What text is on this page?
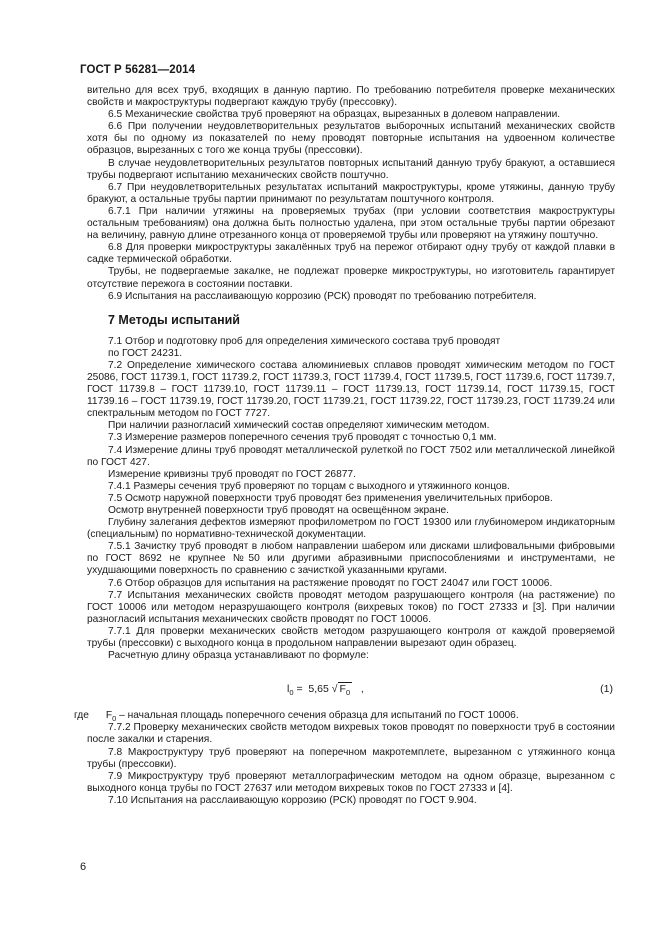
ГОСТ Р 56281—2014

вительно для всех труб, входящих в данную партию. По требованию потребителя проверке механических свойств и макроструктуры подвергают каждую трубу (прессовку).

6.5 Механические свойства труб проверяют на образцах, вырезанных в долевом направлении.

6.6 При получении неудовлетворительных результатов выборочных испытаний механических свойств хотя бы по одному из показателей по нему проводят повторные испытания на удвоенном количестве образцов, вырезанных с того же конца трубы (прессовки).

В случае неудовлетворительных результатов повторных испытаний данную трубу бракуют, а оставшиеся трубы подвергают испытанию механических свойств поштучно.

6.7 При неудовлетворительных результатах испытаний макроструктуры, кроме утяжины, данную трубу бракуют, а остальные трубы партии принимают по результатам поштучного контроля.

6.7.1 При наличии утяжины на проверяемых трубах (при условии соответствия макроструктуры остальным требованиям) она должна быть полностью удалена, при этом остальные трубы партии обрезают на величину, равную длине отрезанного конца от проверяемой трубы или проверяют на утяжину поштучно.

6.8 Для проверки микроструктуры закалённых труб на пережог отбирают одну трубу от каждой плавки в садке термической обработки.

Трубы, не подвергаемые закалке, не подлежат проверке микроструктуры, но изготовитель гарантирует отсутствие пережога в состоянии поставки.

6.9 Испытания на расслаивающую коррозию (РСК) проводят по требованию потребителя.

7 Методы испытаний

7.1 Отбор и подготовку проб для определения химического состава труб проводят

по ГОСТ 24231.

7.2 Определение химического состава алюминиевых сплавов проводят химическим методом по ГОСТ 25086, ГОСТ 11739.1, ГОСТ 11739.2, ГОСТ 11739.3, ГОСТ 11739.4, ГОСТ 11739.5, ГОСТ 11739.6, ГОСТ 11739.7, ГОСТ 11739.8 – ГОСТ 11739.10, ГОСТ 11739.11 – ГОСТ 11739.13, ГОСТ 11739.14, ГОСТ 11739.15, ГОСТ 11739.16 – ГОСТ 11739.19, ГОСТ 11739.20, ГОСТ 11739.21, ГОСТ 11739.22, ГОСТ 11739.23, ГОСТ 11739.24 или спектральным методом по ГОСТ 7727.

При наличии разногласий химический состав определяют химическим методом.

7.3 Измерение размеров поперечного сечения труб проводят с точностью 0,1 мм.

7.4 Измерение длины труб проводят металлической рулеткой по ГОСТ 7502 или металлической линейкой по ГОСТ 427.

Измерение кривизны труб проводят по ГОСТ 26877.

7.4.1 Размеры сечения труб проверяют по торцам с выходного и утяжинного концов.

7.5 Осмотр наружной поверхности труб проводят без применения увеличительных приборов.

Осмотр внутренней поверхности труб проводят на освещённом экране.

Глубину залегания дефектов измеряют профилометром по ГОСТ 19300 или глубиномером индикаторным (специальным) по нормативно-технической документации.

7.5.1 Зачистку труб проводят в любом направлении шабером или дисками шлифовальными фибровыми по ГОСТ 8692 не крупнее №50 или другими абразивными приспособлениями и инструментами, не ухудшающими поверхность по сравнению с зачисткой указанными кругами.

7.6 Отбор образцов для испытания на растяжение проводят по ГОСТ 24047 или ГОСТ 10006.

7.7 Испытания механических свойств проводят методом разрушающего контроля (на растяжение) по ГОСТ 10006 или методом неразрушающего контроля (вихревых токов) по ГОСТ 27333 и [3]. При наличии разногласий испытания механических свойств проводят по ГОСТ 10006.

7.7.1 Для проверки механических свойств методом разрушающего контроля от каждой проверяемой трубы (прессовки) с выходного конца в продольном направлении вырезают один образец.

Расчетную длину образца устанавливают по формуле:

$l_0 = 5,65$ √ $F_0$ ,	(1)

где $F_0$ – начальная площадь поперечного сечения образца для испытаний по ГОСТ 10006.

7.7.2 Проверку механических свойств методом вихревых токов проводят по поверхности труб в состоянии после закалки и старения.

7.8 Макроструктуру труб проверяют на поперечном макротемплете, вырезанном с утяжинного конца трубы (прессовки).

7.9 Микроструктуру труб проверяют металлографическим методом на одном образце, вырезанном с выходного конца трубы по ГОСТ 27637 или методом вихревых токов по ГОСТ 27333 и [4].

7.10 Испытания на расслаивающую коррозию (РСК) проводят по ГОСТ 9.904.

6
